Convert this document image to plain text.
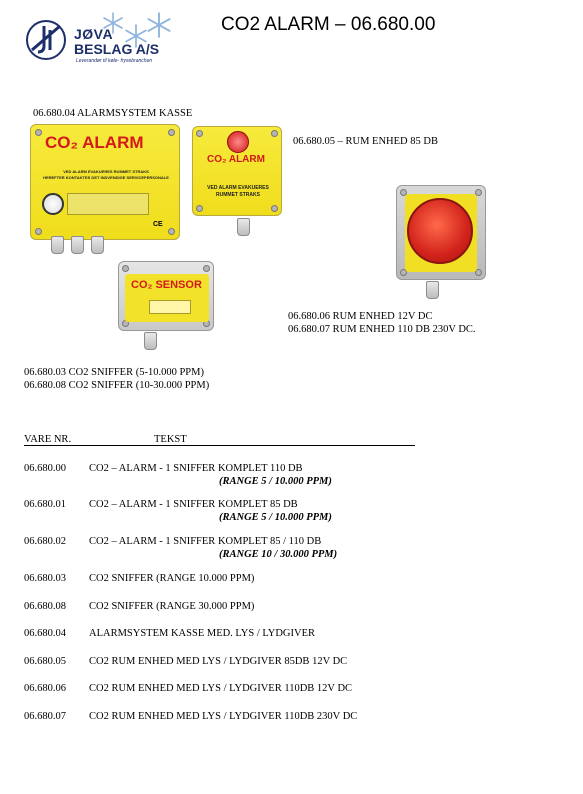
JØVA
BESLAG A/S
Leverandør til køle- frysebranchen
CO2 ALARM – 06.680.00
06.680.04 ALARMSYSTEM KASSE
06.680.05 – RUM ENHED 85 DB
06.680.06 RUM ENHED 12V DC
06.680.07 RUM ENHED 110 DB 230V DC.
06.680.03 CO2 SNIFFER (5-10.000 PPM)
06.680.08 CO2 SNIFFER (10-30.000 PPM)
CO₂ ALARM
VED ALARM EVAKUERES RUMMET STRAKS
HEREFTER KONTAKTES DET INDVENDIGE SERVICEPERSONALE
CE
CO₂ ALARM
VED ALARM EVAKUERES
RUMMET STRAKS
CO₂ SENSOR
VARE NR.	TEKST
06.680.00 CO2 – ALARM - 1 SNIFFER KOMPLET 110 DB
(RANGE 5 / 10.000 PPM)
06.680.01 CO2 – ALARM - 1 SNIFFER KOMPLET 85 DB
(RANGE 5 / 10.000 PPM)
06.680.02 CO2 – ALARM - 1 SNIFFER KOMPLET 85 / 110 DB
(RANGE 10 / 30.000 PPM)
06.680.03 CO2 SNIFFER (RANGE 10.000 PPM)
06.680.08 CO2 SNIFFER (RANGE 30.000 PPM)
06.680.04 ALARMSYSTEM KASSE MED. LYS / LYDGIVER
06.680.05 CO2 RUM ENHED MED LYS / LYDGIVER 85DB 12V DC
06.680.06 CO2 RUM ENHED MED LYS / LYDGIVER 110DB 12V DC
06.680.07 CO2 RUM ENHED MED LYS / LYDGIVER 110DB 230V DC
